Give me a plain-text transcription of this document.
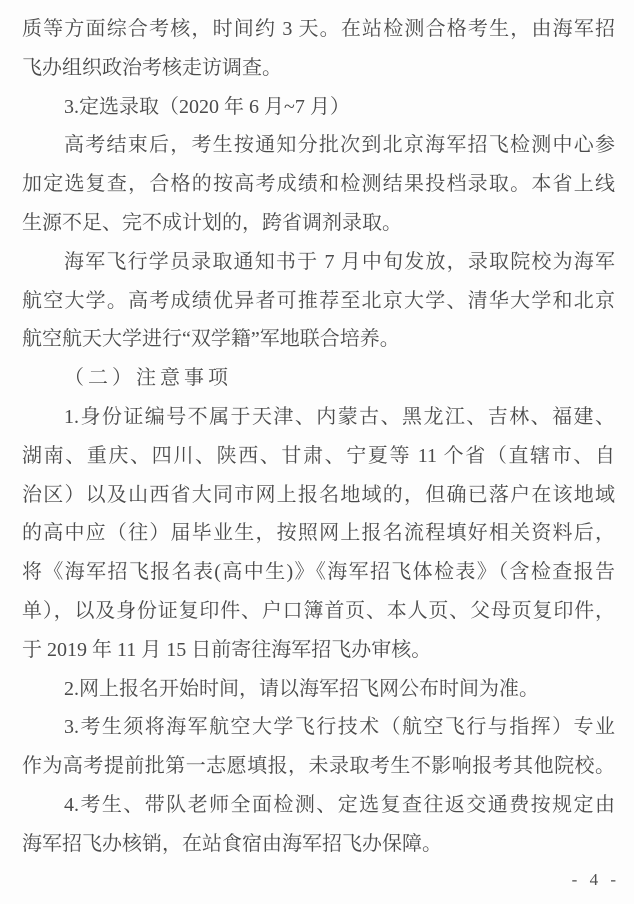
质等方面综合考核，时间约 3 天。在站检测合格考生，由海军招
飞办组织政治考核走访调查。
3.定选录取（2020 年 6 月~7 月）
高考结束后，考生按通知分批次到北京海军招飞检测中心参
加定选复查，合格的按高考成绩和检测结果投档录取。本省上线
生源不足、完不成计划的，跨省调剂录取。
海军飞行学员录取通知书于 7 月中旬发放，录取院校为海军
航空大学。高考成绩优异者可推荐至北京大学、清华大学和北京
航空航天大学进行“双学籍”军地联合培养。
（二）注意事项
1.身份证编号不属于天津、内蒙古、黑龙江、吉林、福建、
湖南、重庆、四川、陕西、甘肃、宁夏等 11 个省（直辖市、自
治区）以及山西省大同市网上报名地域的，但确已落户在该地域
的高中应（往）届毕业生，按照网上报名流程填好相关资料后，
将《海军招飞报名表(高中生)》《海军招飞体检表》（含检查报告
单），以及身份证复印件、户口簿首页、本人页、父母页复印件，
于 2019 年 11 月 15 日前寄往海军招飞办审核。
2.网上报名开始时间，请以海军招飞网公布时间为准。
3.考生须将海军航空大学飞行技术（航空飞行与指挥）专业
作为高考提前批第一志愿填报，未录取考生不影响报考其他院校。
4.考生、带队老师全面检测、定选复查往返交通费按规定由
海军招飞办核销，在站食宿由海军招飞办保障。
- 4 -
